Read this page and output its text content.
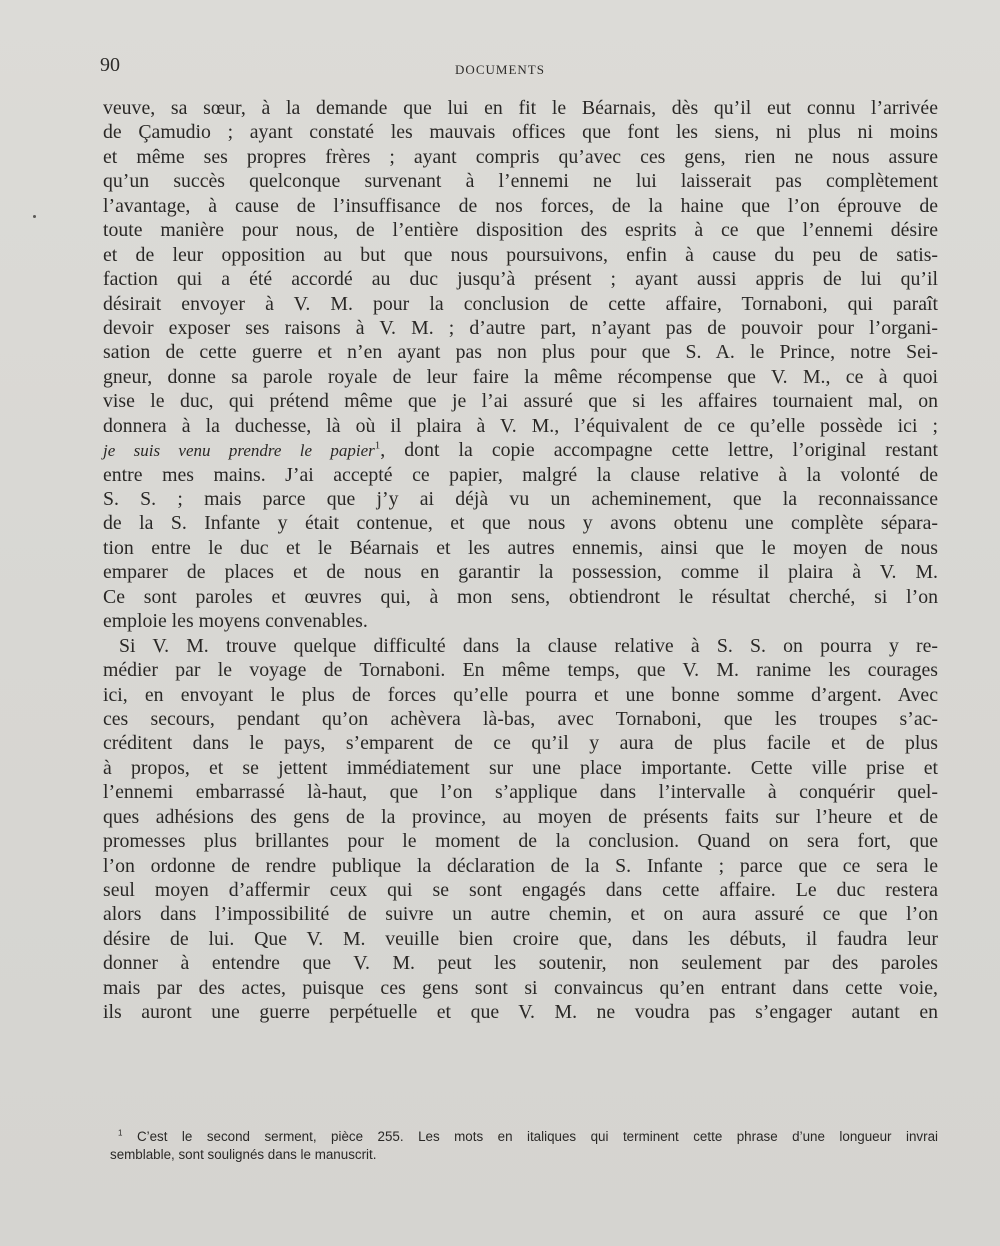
90	DOCUMENTS
veuve, sa sœur, à la demande que lui en fit le Béarnais, dès qu’il eut connu l’arrivée
de Çamudio ; ayant constaté les mauvais offices que font les siens, ni plus ni moins
et même ses propres frères ; ayant compris qu’avec ces gens, rien ne nous assure
qu’un succès quelconque survenant à l’ennemi ne lui laisserait pas complètement
l’avantage, à cause de l’insuffisance de nos forces, de la haine que l’on éprouve de
toute manière pour nous, de l’entière disposition des esprits à ce que l’ennemi désire
et de leur opposition au but que nous poursuivons, enfin à cause du peu de satis-
faction qui a été accordé au duc jusqu’à présent ; ayant aussi appris de lui qu’il
désirait envoyer à V. M. pour la conclusion de cette affaire, Tornaboni, qui paraît
devoir exposer ses raisons à V. M. ; d’autre part, n’ayant pas de pouvoir pour l’organi-
sation de cette guerre et n’en ayant pas non plus pour que S. A. le Prince, notre Sei-
gneur, donne sa parole royale de leur faire la même récompense que V. M., ce à quoi
vise le duc, qui prétend même que je l’ai assuré que si les affaires tournaient mal, on
donnera à la duchesse, là où il plaira à V. M., l’équivalent de ce qu’elle possède ici ;
je suis venu prendre le papier$^1$, dont la copie accompagne cette lettre, l’original restant
entre mes mains. J’ai accepté ce papier, malgré la clause relative à la volonté de
S. S. ; mais parce que j’y ai déjà vu un acheminement, que la reconnaissance
de la S. Infante y était contenue, et que nous y avons obtenu une complète sépara-
tion entre le duc et le Béarnais et les autres ennemis, ainsi que le moyen de nous
emparer de places et de nous en garantir la possession, comme il plaira à V. M.
Ce sont paroles et œuvres qui, à mon sens, obtiendront le résultat cherché, si l’on
emploie les moyens convenables.
Si V. M. trouve quelque difficulté dans la clause relative à S. S. on pourra y re-
médier par le voyage de Tornaboni. En même temps, que V. M. ranime les courages
ici, en envoyant le plus de forces qu’elle pourra et une bonne somme d’argent. Avec
ces secours, pendant qu’on achèvera là-bas, avec Tornaboni, que les troupes s’ac-
créditent dans le pays, s’emparent de ce qu’il y aura de plus facile et de plus
à propos, et se jettent immédiatement sur une place importante. Cette ville prise et
l’ennemi embarrassé là-haut, que l’on s’applique dans l’intervalle à conquérir quel-
ques adhésions des gens de la province, au moyen de présents faits sur l’heure et de
promesses plus brillantes pour le moment de la conclusion. Quand on sera fort, que
l’on ordonne de rendre publique la déclaration de la S. Infante ; parce que ce sera le
seul moyen d’affermir ceux qui se sont engagés dans cette affaire. Le duc restera
alors dans l’impossibilité de suivre un autre chemin, et on aura assuré ce que l’on
désire de lui. Que V. M. veuille bien croire que, dans les débuts, il faudra leur
donner à entendre que V. M. peut les soutenir, non seulement par des paroles
mais par des actes, puisque ces gens sont si convaincus qu’en entrant dans cette voie,
ils auront une guerre perpétuelle et que V. M. ne voudra pas s’engager autant en
$^1$ C’est le second serment, pièce 255. Les mots en italiques qui terminent cette phrase d’une longueur invrai
semblable, sont soulignés dans le manuscrit.
